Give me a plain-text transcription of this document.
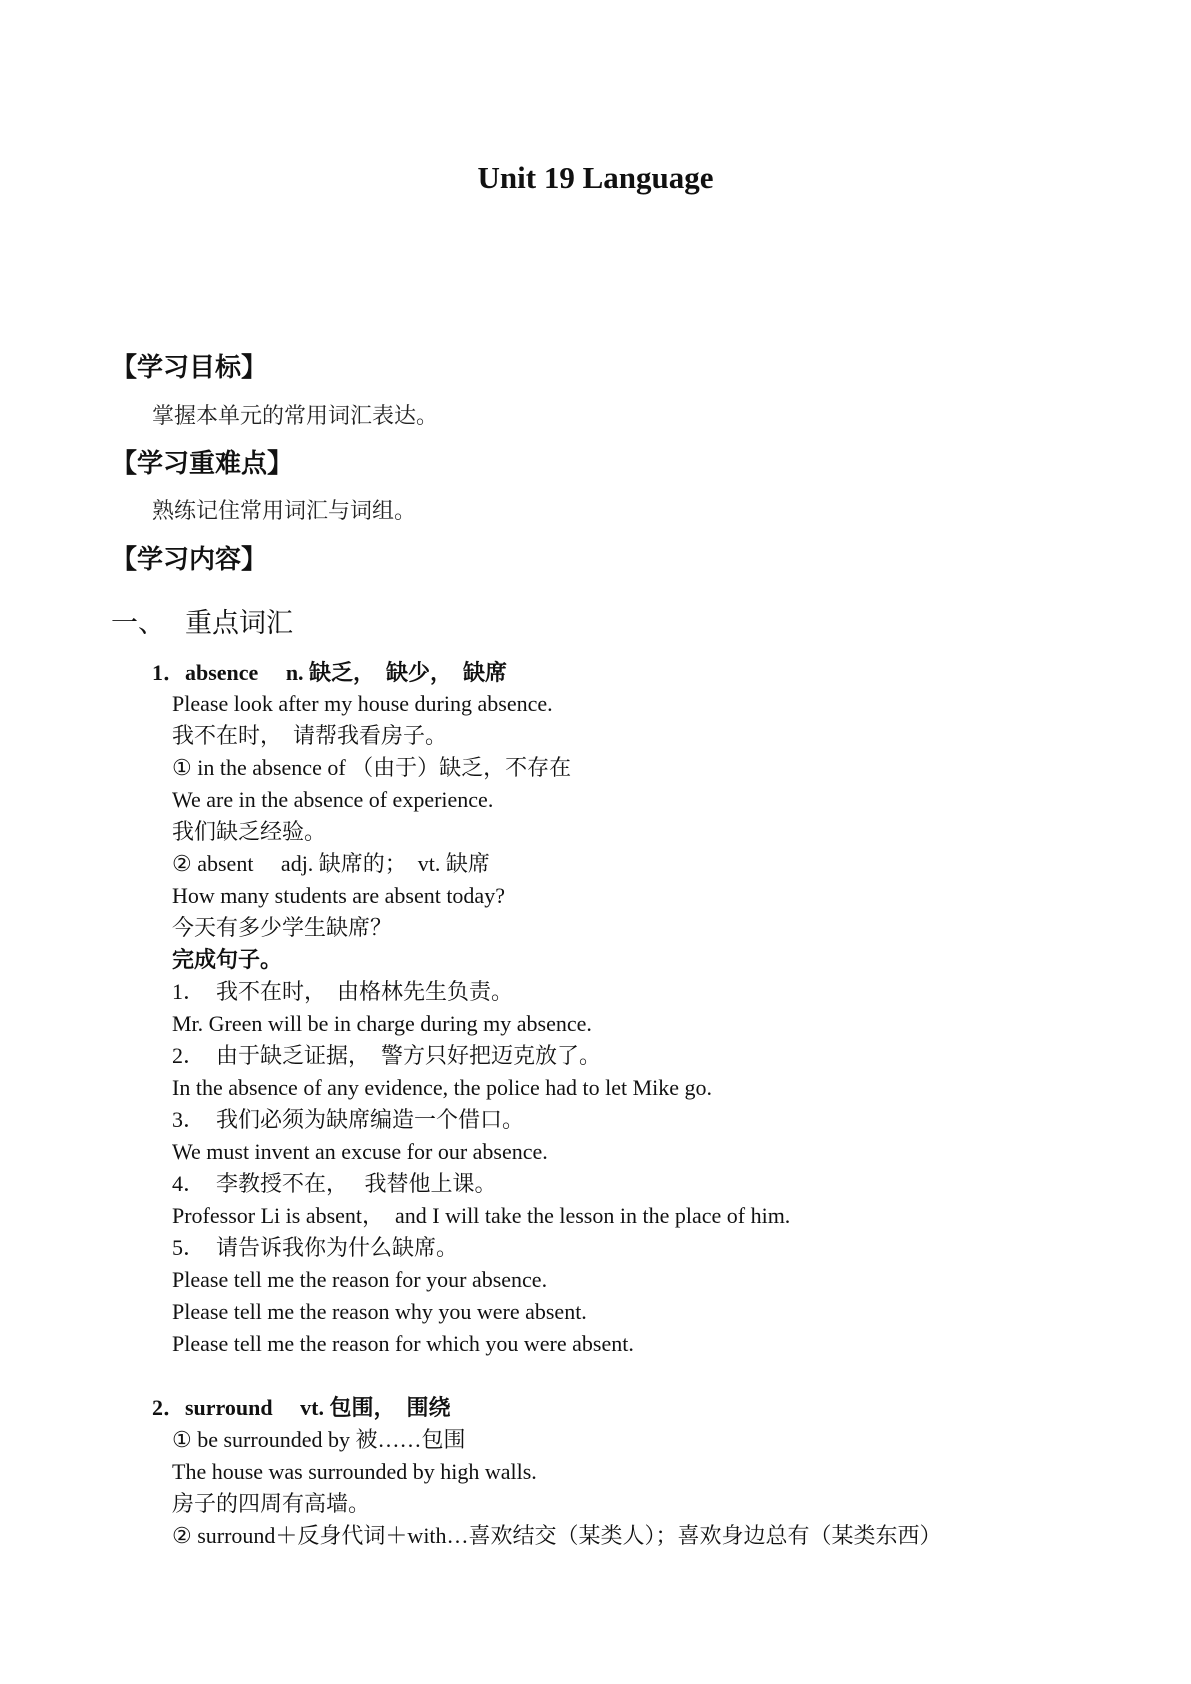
Unit 19 Language
【学习目标】
掌握本单元的常用词汇表达。
【学习重难点】
熟练记住常用词汇与词组。
【学习内容】
一、 重点词汇
1．absence　 n. 缺乏，　缺少，　缺席
Please look after my house during absence.
我不在时，　请帮我看房子。
① in the absence of （由于）缺乏，不存在
We are in the absence of experience.
我们缺乏经验。
② absent　 adj. 缺席的；　vt. 缺席
How many students are absent today?
今天有多少学生缺席？
完成句子。
1．　我不在时，　由格林先生负责。
Mr. Green will be in charge during my absence.
2．　由于缺乏证据，　警方只好把迈克放了。
In the absence of any evidence, the police had to let Mike go.
3．　我们必须为缺席编造一个借口。
We must invent an excuse for our absence.
4．　李教授不在，　 我替他上课。
Professor Li is absent，　and I will take the lesson in the place of him.
5．　请告诉我你为什么缺席。
Please tell me the reason for your absence.
Please tell me the reason why you were absent.
Please tell me the reason for which you were absent.
2．surround　 vt. 包围，　围绕
① be surrounded by 被……包围
The house was surrounded by high walls.
房子的四周有高墙。
② surround＋反身代词＋with…喜欢结交（某类人）；喜欢身边总有（某类东西）
